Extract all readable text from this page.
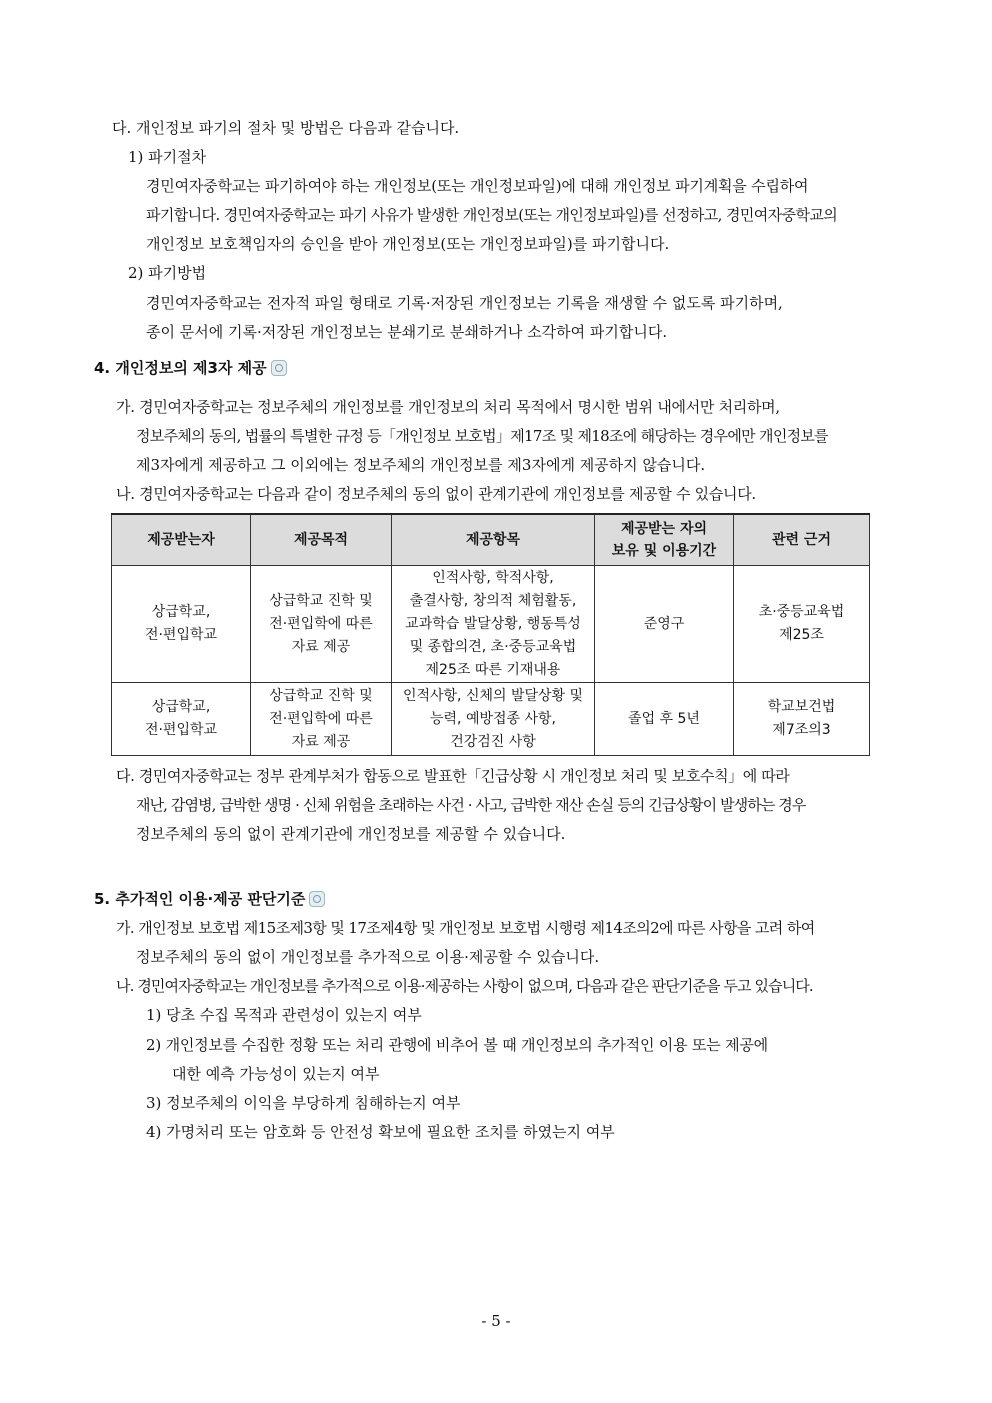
다. 개인정보 파기의 절차 및 방법은 다음과 같습니다.
1) 파기절차
경민여자중학교는 파기하여야 하는 개인정보(또는 개인정보파일)에 대해 개인정보 파기계획을 수립하여
파기합니다. 경민여자중학교는 파기 사유가 발생한 개인정보(또는 개인정보파일)를 선정하고, 경민여자중학교의
개인정보 보호책임자의 승인을 받아 개인정보(또는 개인정보파일)를 파기합니다.
2) 파기방법
경민여자중학교는 전자적 파일 형태로 기록·저장된 개인정보는 기록을 재생할 수 없도록 파기하며,
종이 문서에 기록·저장된 개인정보는 분쇄기로 분쇄하거나 소각하여 파기합니다.
4. 개인정보의 제3자 제공
가. 경민여자중학교는 정보주체의 개인정보를 개인정보의 처리 목적에서 명시한 범위 내에서만 처리하며,
정보주체의 동의, 법률의 특별한 규정 등「개인정보 보호법」제17조 및 제18조에 해당하는 경우에만 개인정보를
제3자에게 제공하고 그 이외에는 정보주체의 개인정보를 제3자에게 제공하지 않습니다.
나. 경민여자중학교는 다음과 같이 정보주체의 동의 없이 관계기관에 개인정보를 제공할 수 있습니다.
제공받는자	제공목적	제공항목	제공받는 자의
보유 및 이용기간	관련 근거

상급학교,
전·편입학교	상급학교 진학 및
전·편입학에 따른
자료 제공	인적사항, 학적사항,
출결사항, 창의적 체험활동,
교과학습 발달상황, 행동특성
및 종합의견, 초·중등교육법
제25조 따른 기재내용	준영구	초·중등교육법
제25조

상급학교,
전·편입학교	상급학교 진학 및
전·편입학에 따른
자료 제공	인적사항, 신체의 발달상황 및
능력, 예방접종 사항,
건강검진 사항	졸업 후 5년	학교보건법
제7조의3
다. 경민여자중학교는 정부 관계부처가 합동으로 발표한「긴급상황 시 개인정보 처리 및 보호수칙」에 따라
재난, 감염병, 급박한 생명 · 신체 위험을 초래하는 사건 · 사고, 급박한 재산 손실 등의 긴급상황이 발생하는 경우
정보주체의 동의 없이 관계기관에 개인정보를 제공할 수 있습니다.
5. 추가적인 이용·제공 판단기준
가. 개인정보 보호법 제15조제3항 및 17조제4항 및 개인정보 보호법 시행령 제14조의2에 따른 사항을 고려 하여
정보주체의 동의 없이 개인정보를 추가적으로 이용·제공할 수 있습니다.
나. 경민여자중학교는 개인정보를 추가적으로 이용·제공하는 사항이 없으며, 다음과 같은 판단기준을 두고 있습니다.
1) 당초 수집 목적과 관련성이 있는지 여부
2) 개인정보를 수집한 정황 또는 처리 관행에 비추어 볼 때 개인정보의 추가적인 이용 또는 제공에
대한 예측 가능성이 있는지 여부
3) 정보주체의 이익을 부당하게 침해하는지 여부
4) 가명처리 또는 암호화 등 안전성 확보에 필요한 조치를 하였는지 여부
- 5 -
